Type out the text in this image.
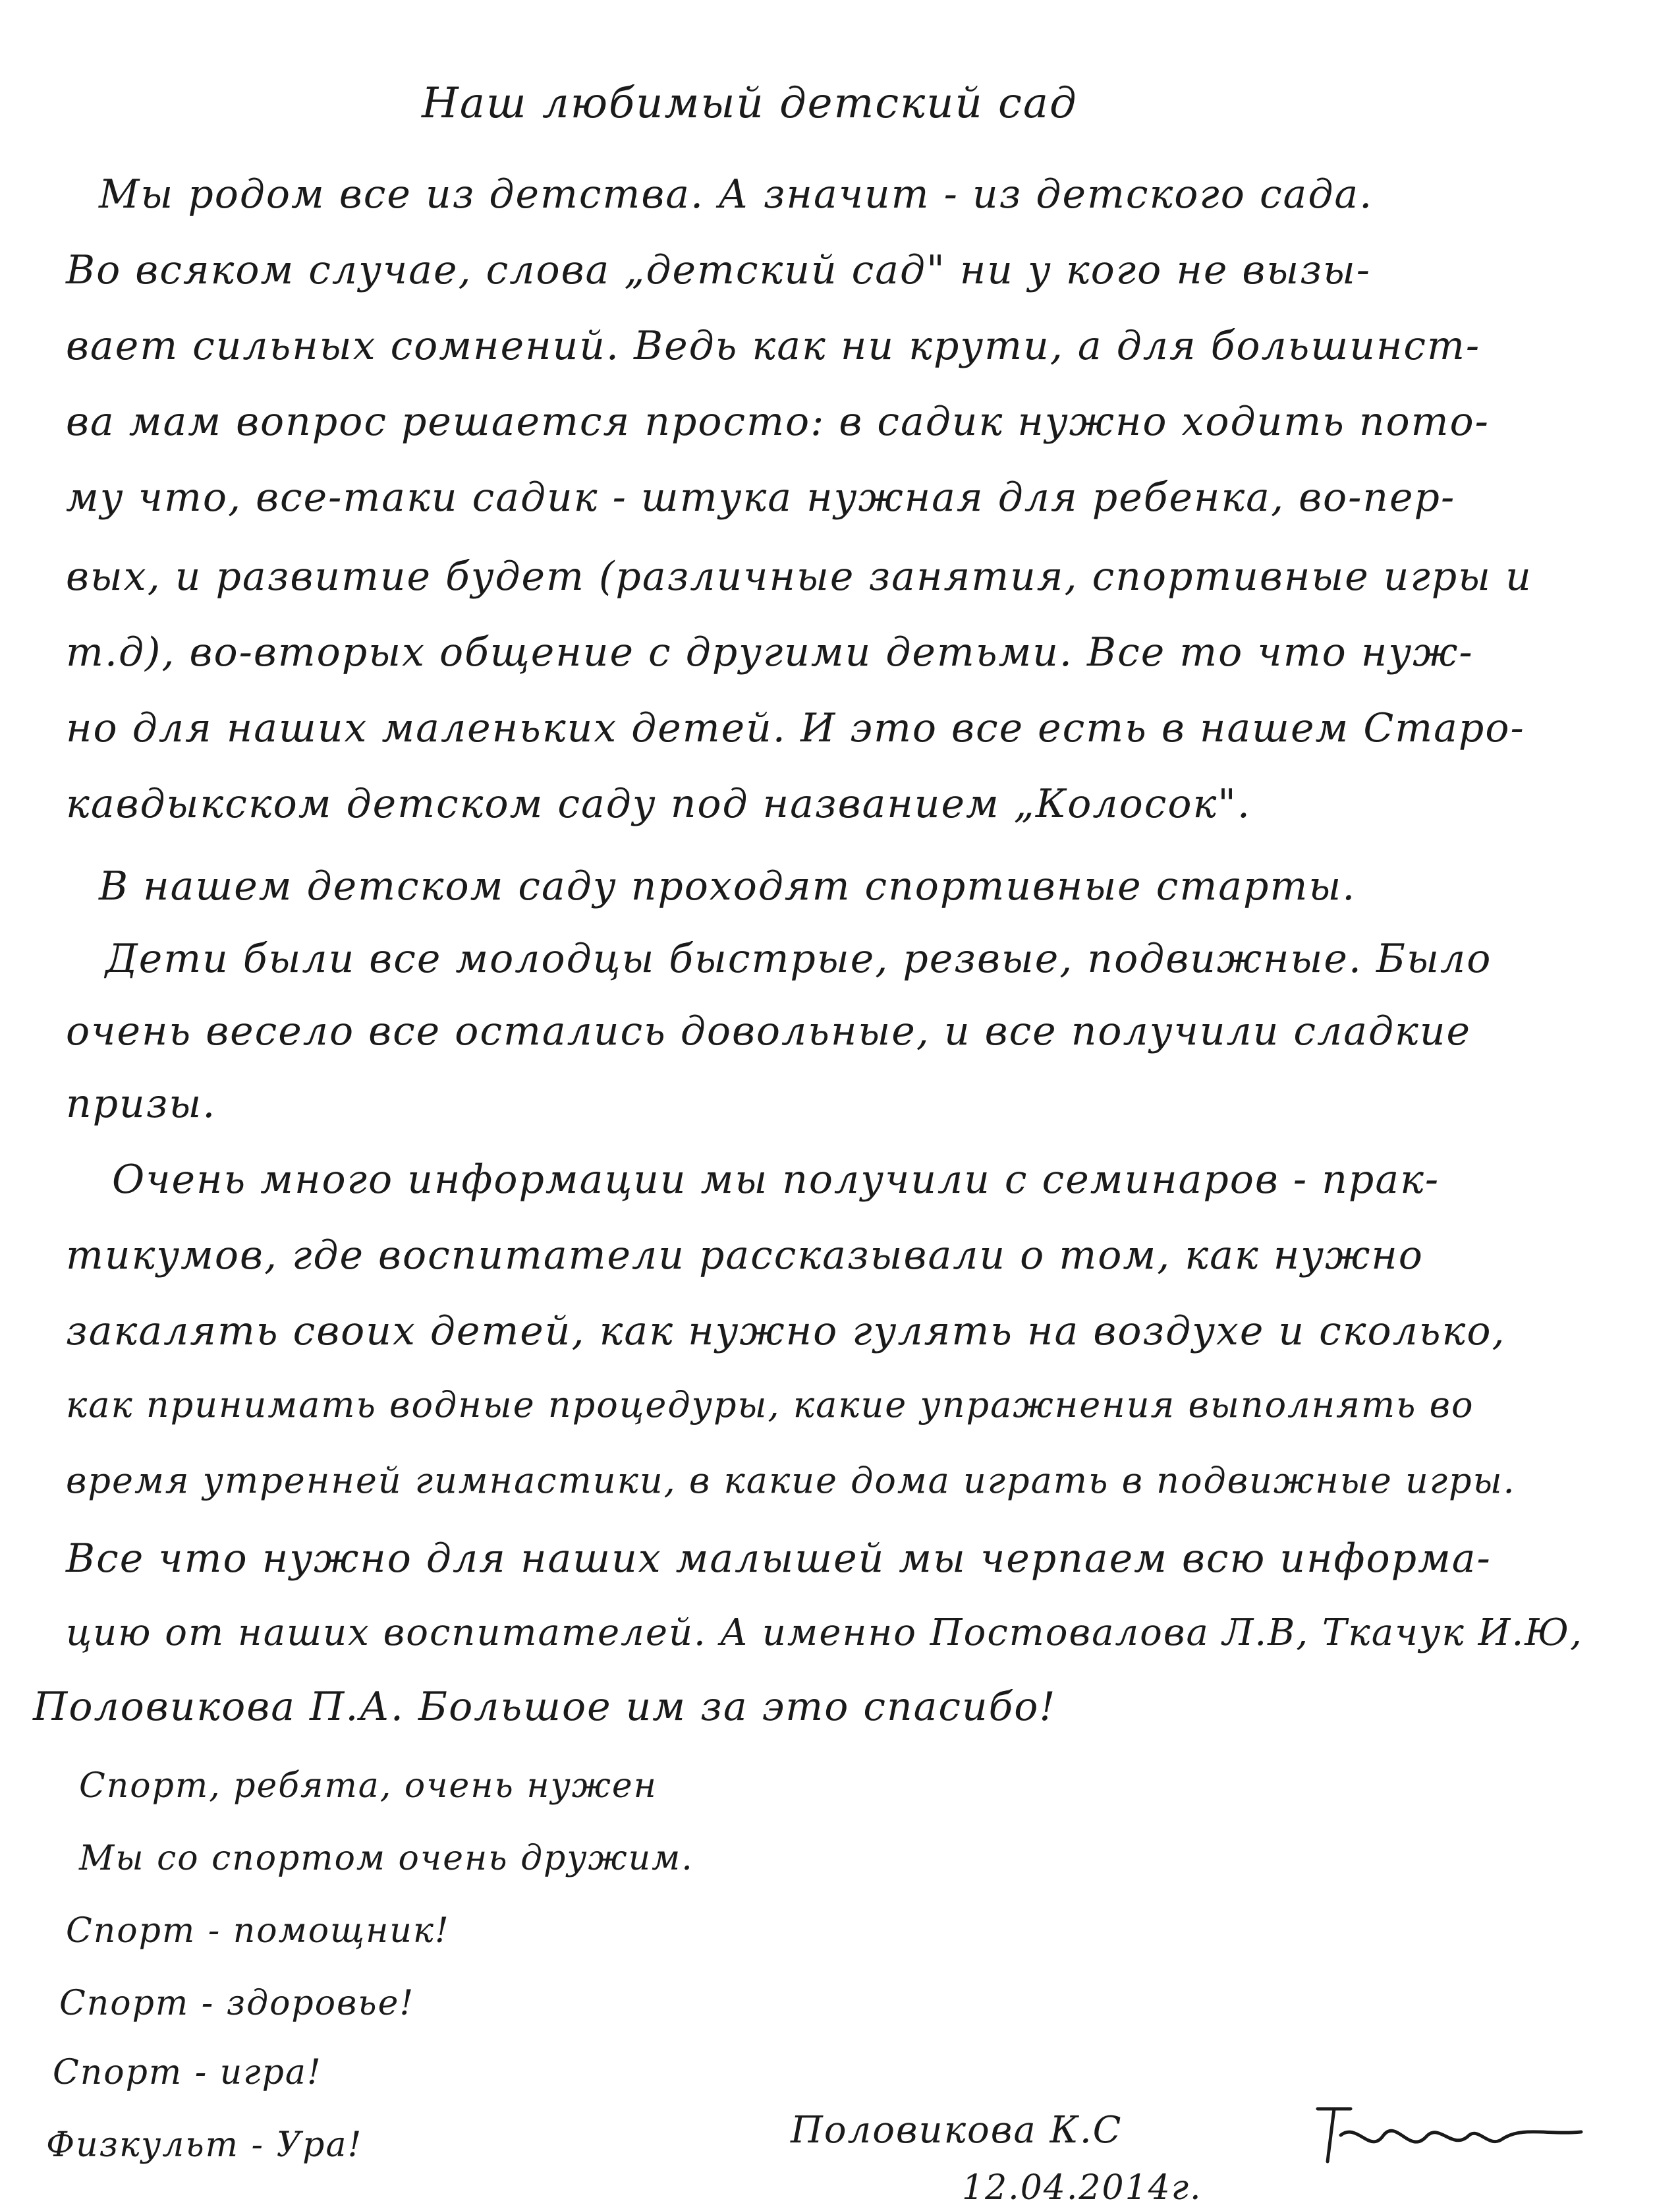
Наш любимый детский сад
Мы родом все из детства. А значит - из детского сада.
Во всяком случае, слова „детский сад" ни у кого не вызы-
вает сильных сомнений. Ведь как ни крути, а для большинст-
ва мам вопрос решается просто: в садик нужно ходить пото-
му что, все-таки садик - штука нужная для ребенка, во-пер-
вых, и развитие будет (различные занятия, спортивные игры и
т.д), во-вторых общение с другими детьми. Все то что нуж-
но для наших маленьких детей. И это все есть в нашем Старо-
кавдыкском детском саду под названием „Колосок".
В нашем детском саду проходят спортивные старты.
Дети были все молодцы быстрые, резвые, подвижные. Было
очень весело все остались довольные, и все получили сладкие
призы.
Очень много информации мы получили с семинаров - прак-
тикумов, где воспитатели рассказывали о том, как нужно
закалять своих детей, как нужно гулять на воздухе и сколько,
как принимать водные процедуры, какие упражнения выполнять во
время утренней гимнастики, в какие дома играть в подвижные игры.
Все что нужно для наших малышей мы черпаем всю информа-
цию от наших воспитателей. А именно Постовалова Л.В, Ткачук И.Ю,
Половикова П.А. Большое им за это спасибо!
Спорт, ребята, очень нужен
Мы со спортом очень дружим.
Спорт - помощник!
Спорт - здоровье!
Спорт - игра!
Физкульт - Ура!	Половикова К.С
12.04.2014г.
